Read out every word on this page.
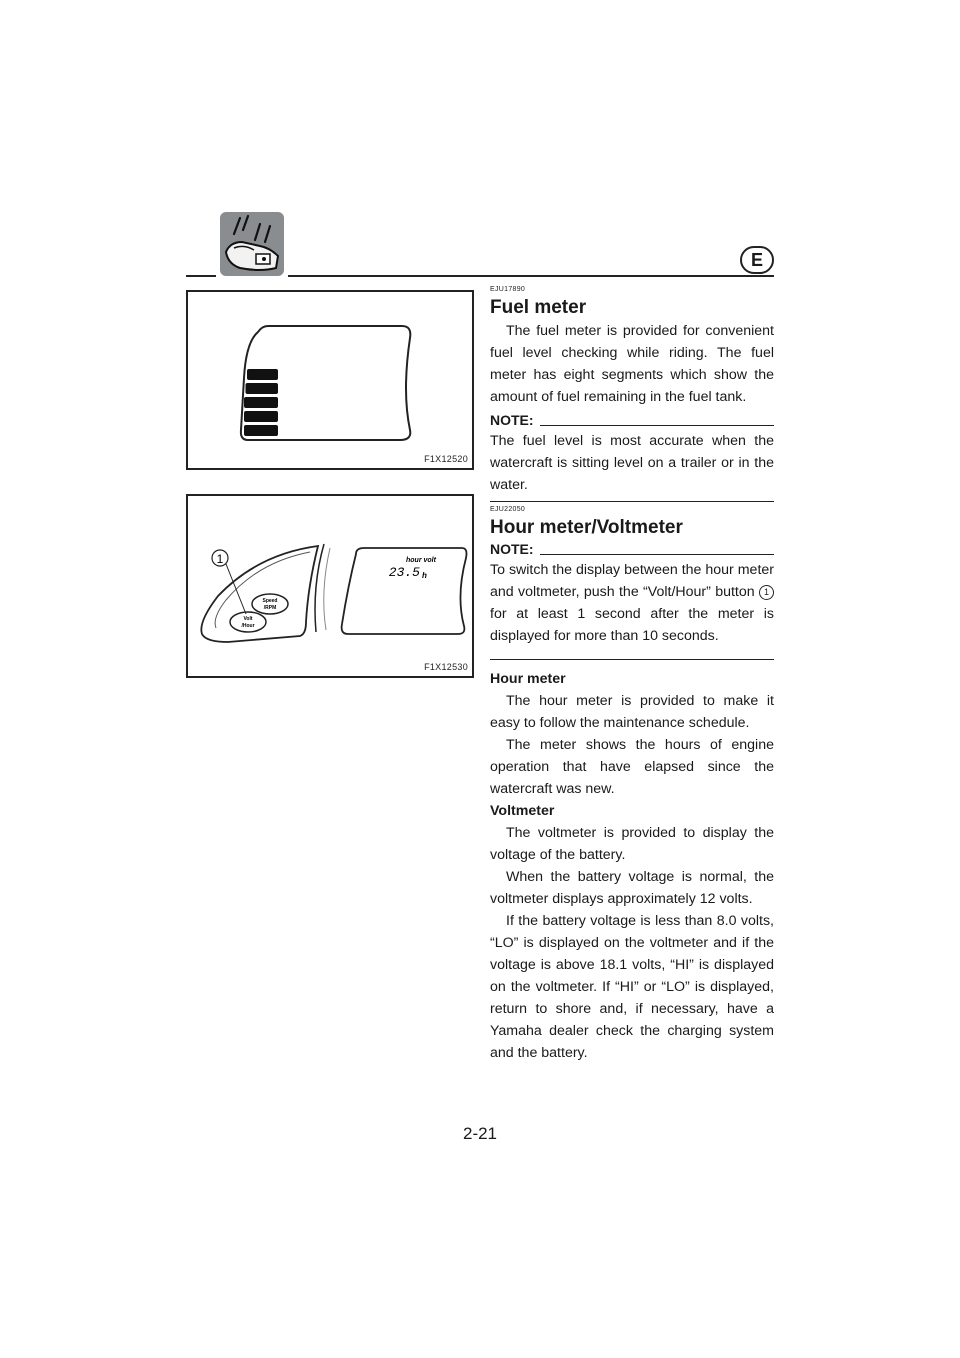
E
F1X12520
Speed
/RPM
Volt
/Hour
1	hour volt
23.5 h
F1X12530
EJU17890
Fuel meter

The fuel meter is provided for convenient fuel level checking while riding. The fuel meter has eight segments which show the amount of fuel remaining in the fuel tank.

NOTE:

The fuel level is most accurate when the watercraft is sitting level on a trailer or in the water.

EJU22050
Hour meter/Voltmeter
NOTE:

To switch the display between the hour meter and voltmeter, push the “Volt/Hour” button 1 for at least 1 second after the meter is displayed for more than 10 seconds.

Hour meter

The hour meter is provided to make it easy to follow the maintenance schedule.

The meter shows the hours of engine operation that have elapsed since the watercraft was new.

Voltmeter

The voltmeter is provided to display the voltage of the battery.

When the battery voltage is normal, the voltmeter displays approximately 12 volts.

If the battery voltage is less than 8.0 volts, “LO” is displayed on the voltmeter and if the voltage is above 18.1 volts, “HI” is displayed on the voltmeter. If “HI” or “LO” is displayed, return to shore and, if necessary, have a Yamaha dealer check the charging system and the battery.

2-21
